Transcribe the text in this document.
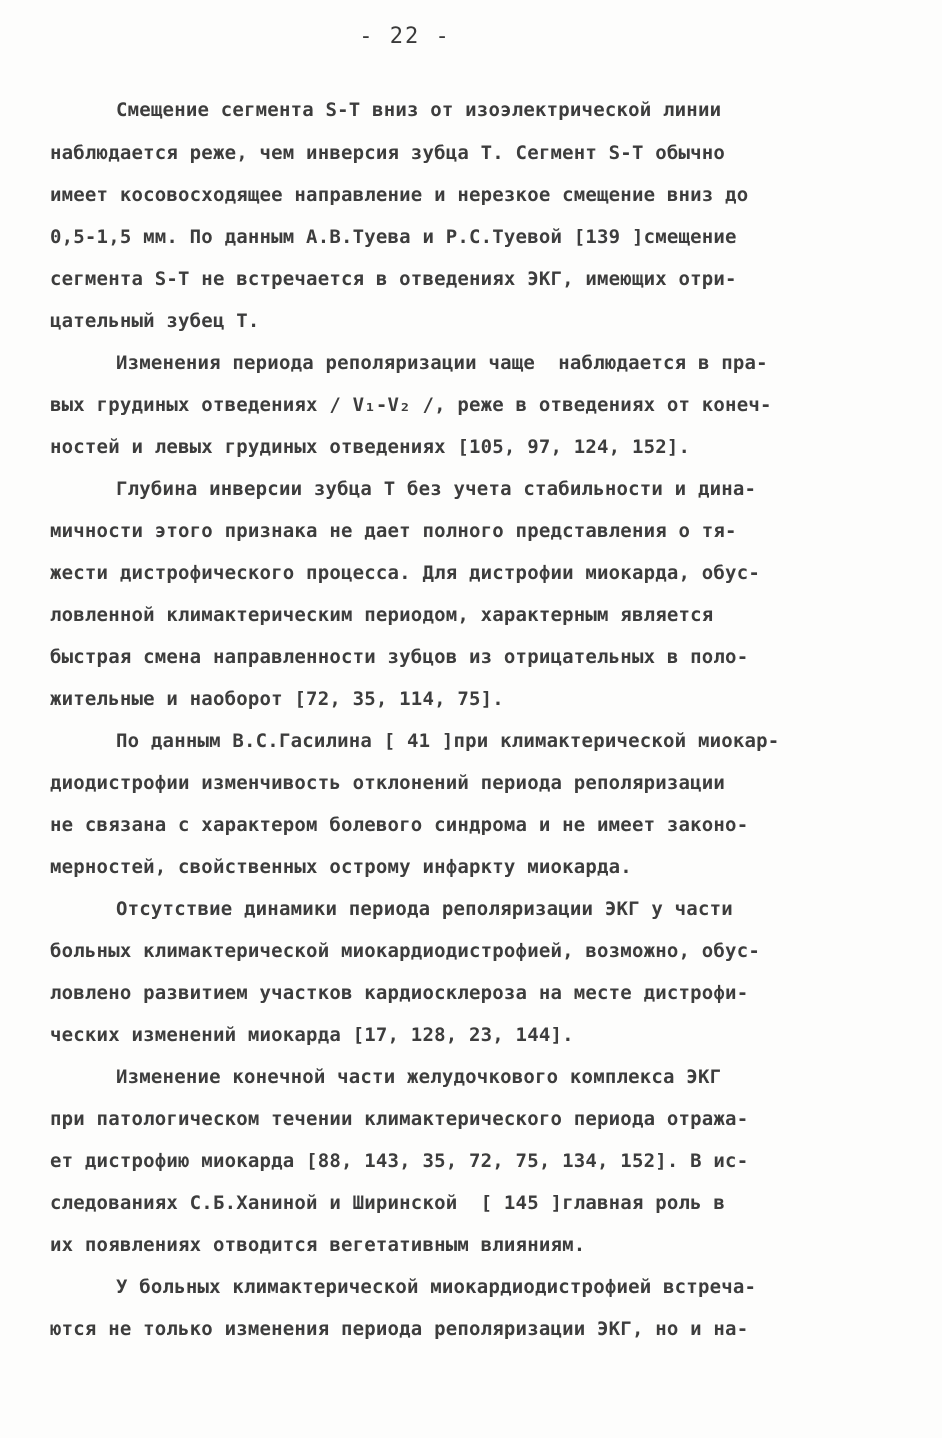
- 22 -
Смещение сегмента S-T вниз от изоэлектрической линии
наблюдается реже, чем инверсия зубца Т. Сегмент S-T обычно
имеет косовосходящее направление и нерезкое смещение вниз до
0,5-1,5 мм. По данным А.В.Туева и Р.С.Туевой [139 ]смещение
сегмента S-T не встречается в отведениях ЭКГ, имеющих отри-
цательный зубец Т.
Изменения периода реполяризации чаще  наблюдается в пра-
вых грудиных отведениях / V₁-V₂ /, реже в отведениях от конеч-
ностей и левых грудиных отведениях [105, 97, 124, 152].
Глубина инверсии зубца Т без учета стабильности и дина-
мичности этого признака не дает полного представления о тя-
жести дистрофического процесса. Для дистрофии миокарда, обус-
ловленной климактерическим периодом, характерным является
быстрая смена направленности зубцов из отрицательных в поло-
жительные и наоборот [72, 35, 114, 75].
По данным В.С.Гасилина [ 41 ]при климактерической миокар-
диодистрофии изменчивость отклонений периода реполяризации
не связана с характером болевого синдрома и не имеет законо-
мерностей, свойственных острому инфаркту миокарда.
Отсутствие динамики периода реполяризации ЭКГ у части
больных климактерической миокардиодистрофией, возможно, обус-
ловлено развитием участков кардиосклероза на месте дистрофи-
ческих изменений миокарда [17, 128, 23, 144].
Изменение конечной части желудочкового комплекса ЭКГ
при патологическом течении климактерического периода отража-
ет дистрофию миокарда [88, 143, 35, 72, 75, 134, 152]. В ис-
следованиях С.Б.Ханиной и Ширинской  [ 145 ]главная роль в
их появлениях отводится вегетативным влияниям.
У больных климактерической миокардиодистрофией встреча-
ются не только изменения периода реполяризации ЭКГ, но и на-
